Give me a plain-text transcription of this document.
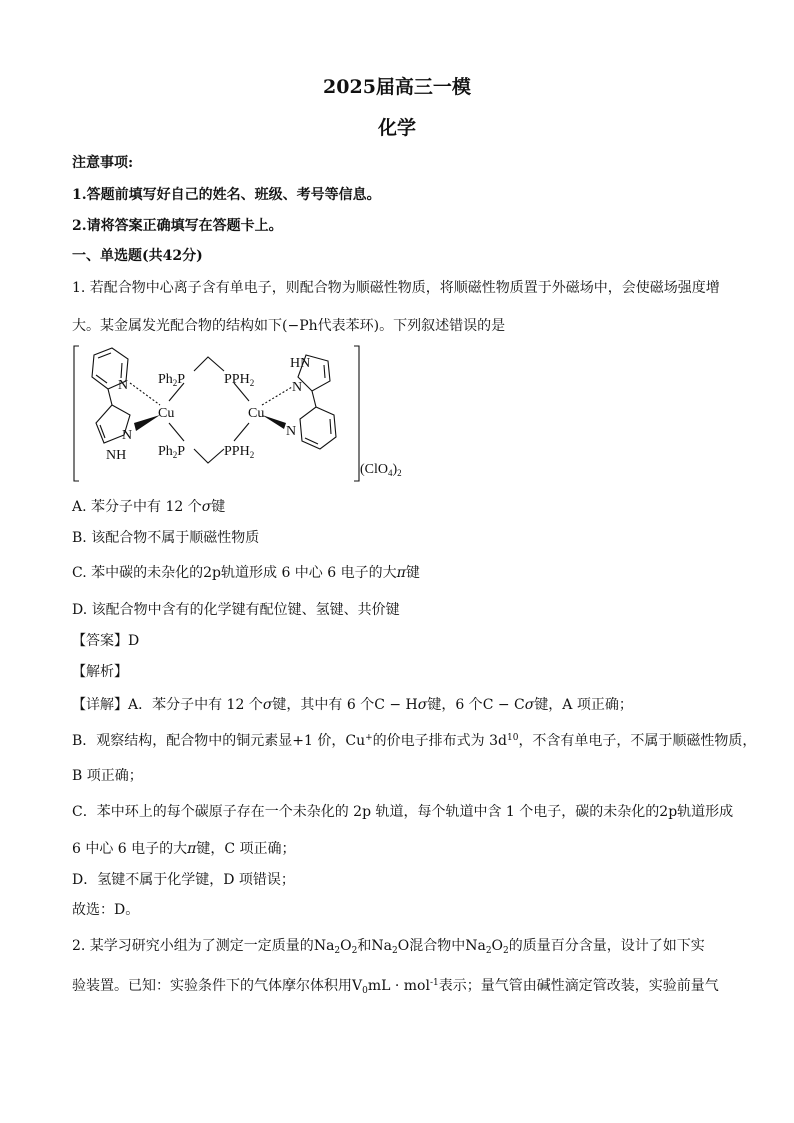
2025届高三一模
化学
注意事项:
1.答题前填写好自己的姓名、班级、考号等信息。
2.请将答案正确填写在答题卡上。
一、单选题(共42分)
1. 若配合物中心离子含有单电子，则配合物为顺磁性物质，将顺磁性物质置于外磁场中，会使磁场强度增
大。某金属发光配合物的结构如下(−Ph代表苯环)。下列叙述错误的是
N
N
NH
Cu
$Ph_2P$
$Ph_2P$
$PPH_2$
$PPH_2$
Cu
HN
N
N
$(ClO_4)_2$
A. 苯分子中有 12 个σ键
B. 该配合物不属于顺磁性物质
C. 苯中碳的未杂化的2p轨道形成 6 中心 6 电子的大π键
D. 该配合物中含有的化学键有配位键、氢键、共价键
【答案】D
【解析】
【详解】A．苯分子中有 12 个σ键，其中有 6 个C − Hσ键，6 个C − Cσ键，A 项正确；
B．观察结构，配合物中的铜元素显+1 价，Cu+的价电子排布式为 $3d^{10}$，不含有单电子，不属于顺磁性物质，
B 项正确；
C．苯中环上的每个碳原子存在一个未杂化的 2p 轨道，每个轨道中含 1 个电子，碳的未杂化的2p轨道形成
6 中心 6 电子的大π键，C 项正确；
D．氢键不属于化学键，D 项错误；
故选：D。
2. 某学习研究小组为了测定一定质量的$Na_2O_2$和$Na_2O$混合物中$Na_2O_2$的质量百分含量，设计了如下实
验装置。已知：实验条件下的气体摩尔体积用$V_0mL \cdot mol^{-1}$表示；量气管由碱性滴定管改装，实验前量气
